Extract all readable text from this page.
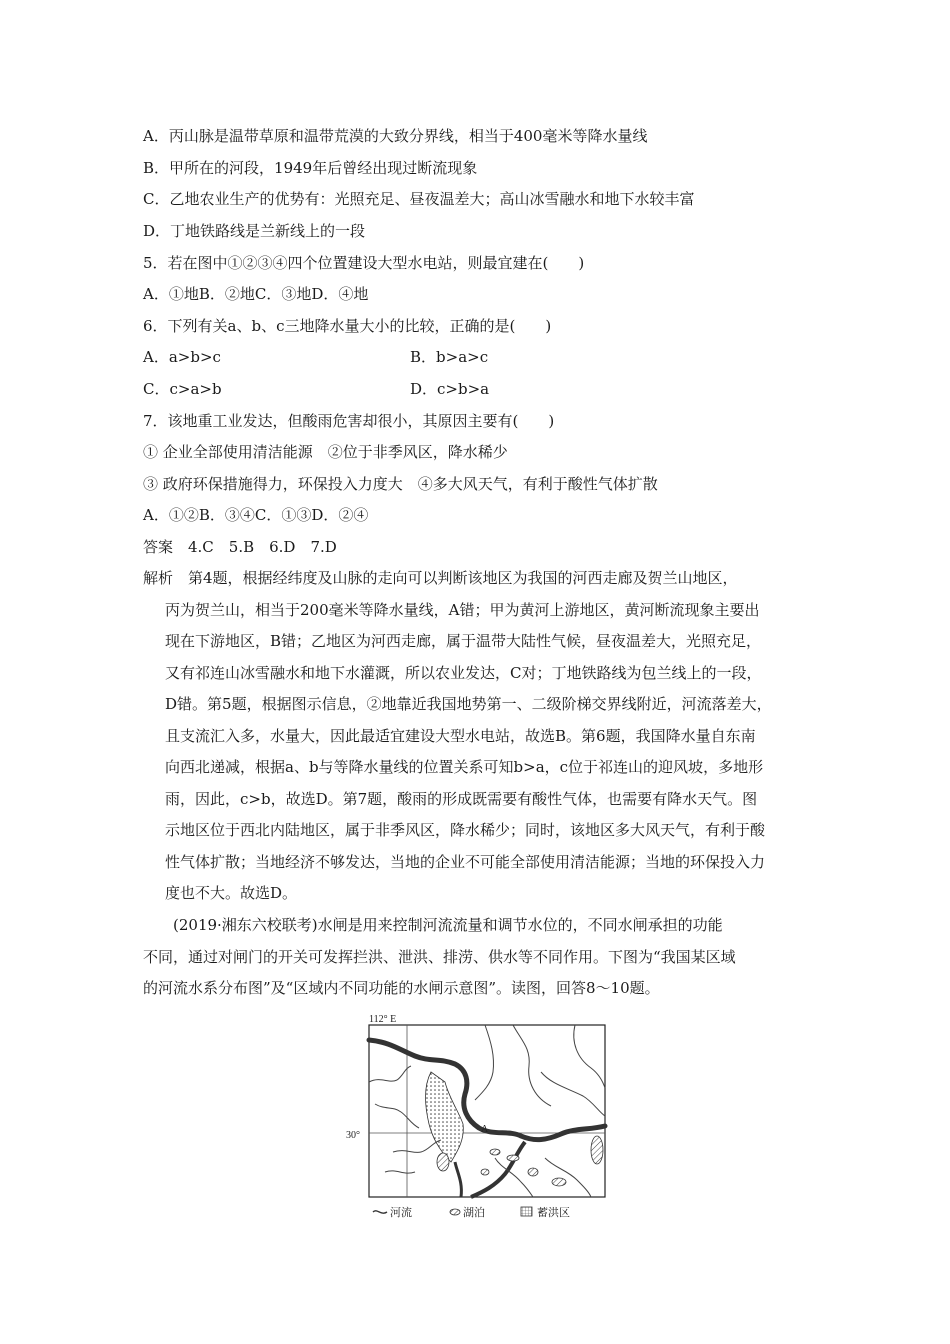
A．丙山脉是温带草原和温带荒漠的大致分界线，相当于400毫米等降水量线
B．甲所在的河段，1949年后曾经出现过断流现象
C．乙地农业生产的优势有：光照充足、昼夜温差大；高山冰雪融水和地下水较丰富
D．丁地铁路线是兰新线上的一段
5．若在图中①②③④四个位置建设大型水电站，则最宜建在(　　)
A．①地B．②地C．③地D．④地
6．下列有关a、b、c三地降水量大小的比较，正确的是(　　)
A．a>b>c	B．b>a>c
C．c>a>b	D．c>b>a
7．该地重工业发达，但酸雨危害却很小，其原因主要有(　　)
① 企业全部使用清洁能源　②位于非季风区，降水稀少
③ 政府环保措施得力，环保投入力度大　④多大风天气，有利于酸性气体扩散
A．①②B．③④C．①③D．②④
答案　4.C　5.B　6.D　7.D
解析　第4题，根据经纬度及山脉的走向可以判断该地区为我国的河西走廊及贺兰山地区，
丙为贺兰山，相当于200毫米等降水量线，A错；甲为黄河上游地区，黄河断流现象主要出
现在下游地区，B错；乙地区为河西走廊，属于温带大陆性气候，昼夜温差大，光照充足，
又有祁连山冰雪融水和地下水灌溉，所以农业发达，C对；丁地铁路线为包兰线上的一段，
D错。第5题，根据图示信息，②地靠近我国地势第一、二级阶梯交界线附近，河流落差大，
且支流汇入多，水量大，因此最适宜建设大型水电站，故选B。第6题，我国降水量自东南
向西北递减，根据a、b与等降水量线的位置关系可知b>a，c位于祁连山的迎风坡，多地形
雨，因此，c>b，故选D。第7题，酸雨的形成既需要有酸性气体，也需要有降水天气。图
示地区位于西北内陆地区，属于非季风区，降水稀少；同时，该地区多大风天气，有利于酸
性气体扩散；当地经济不够发达，当地的企业不可能全部使用清洁能源；当地的环保投入力
度也不大。故选D。
　　(2019·湘东六校联考)水闸是用来控制河流流量和调节水位的，不同水闸承担的功能
不同，通过对闸门的开关可发挥拦洪、泄洪、排涝、供水等不同作用。下图为“我国某区域
的河流水系分布图”及“区域内不同功能的水闸示意图”。读图，回答8～10题。
112° E
30°
A
河流	湖泊	蓄洪区
